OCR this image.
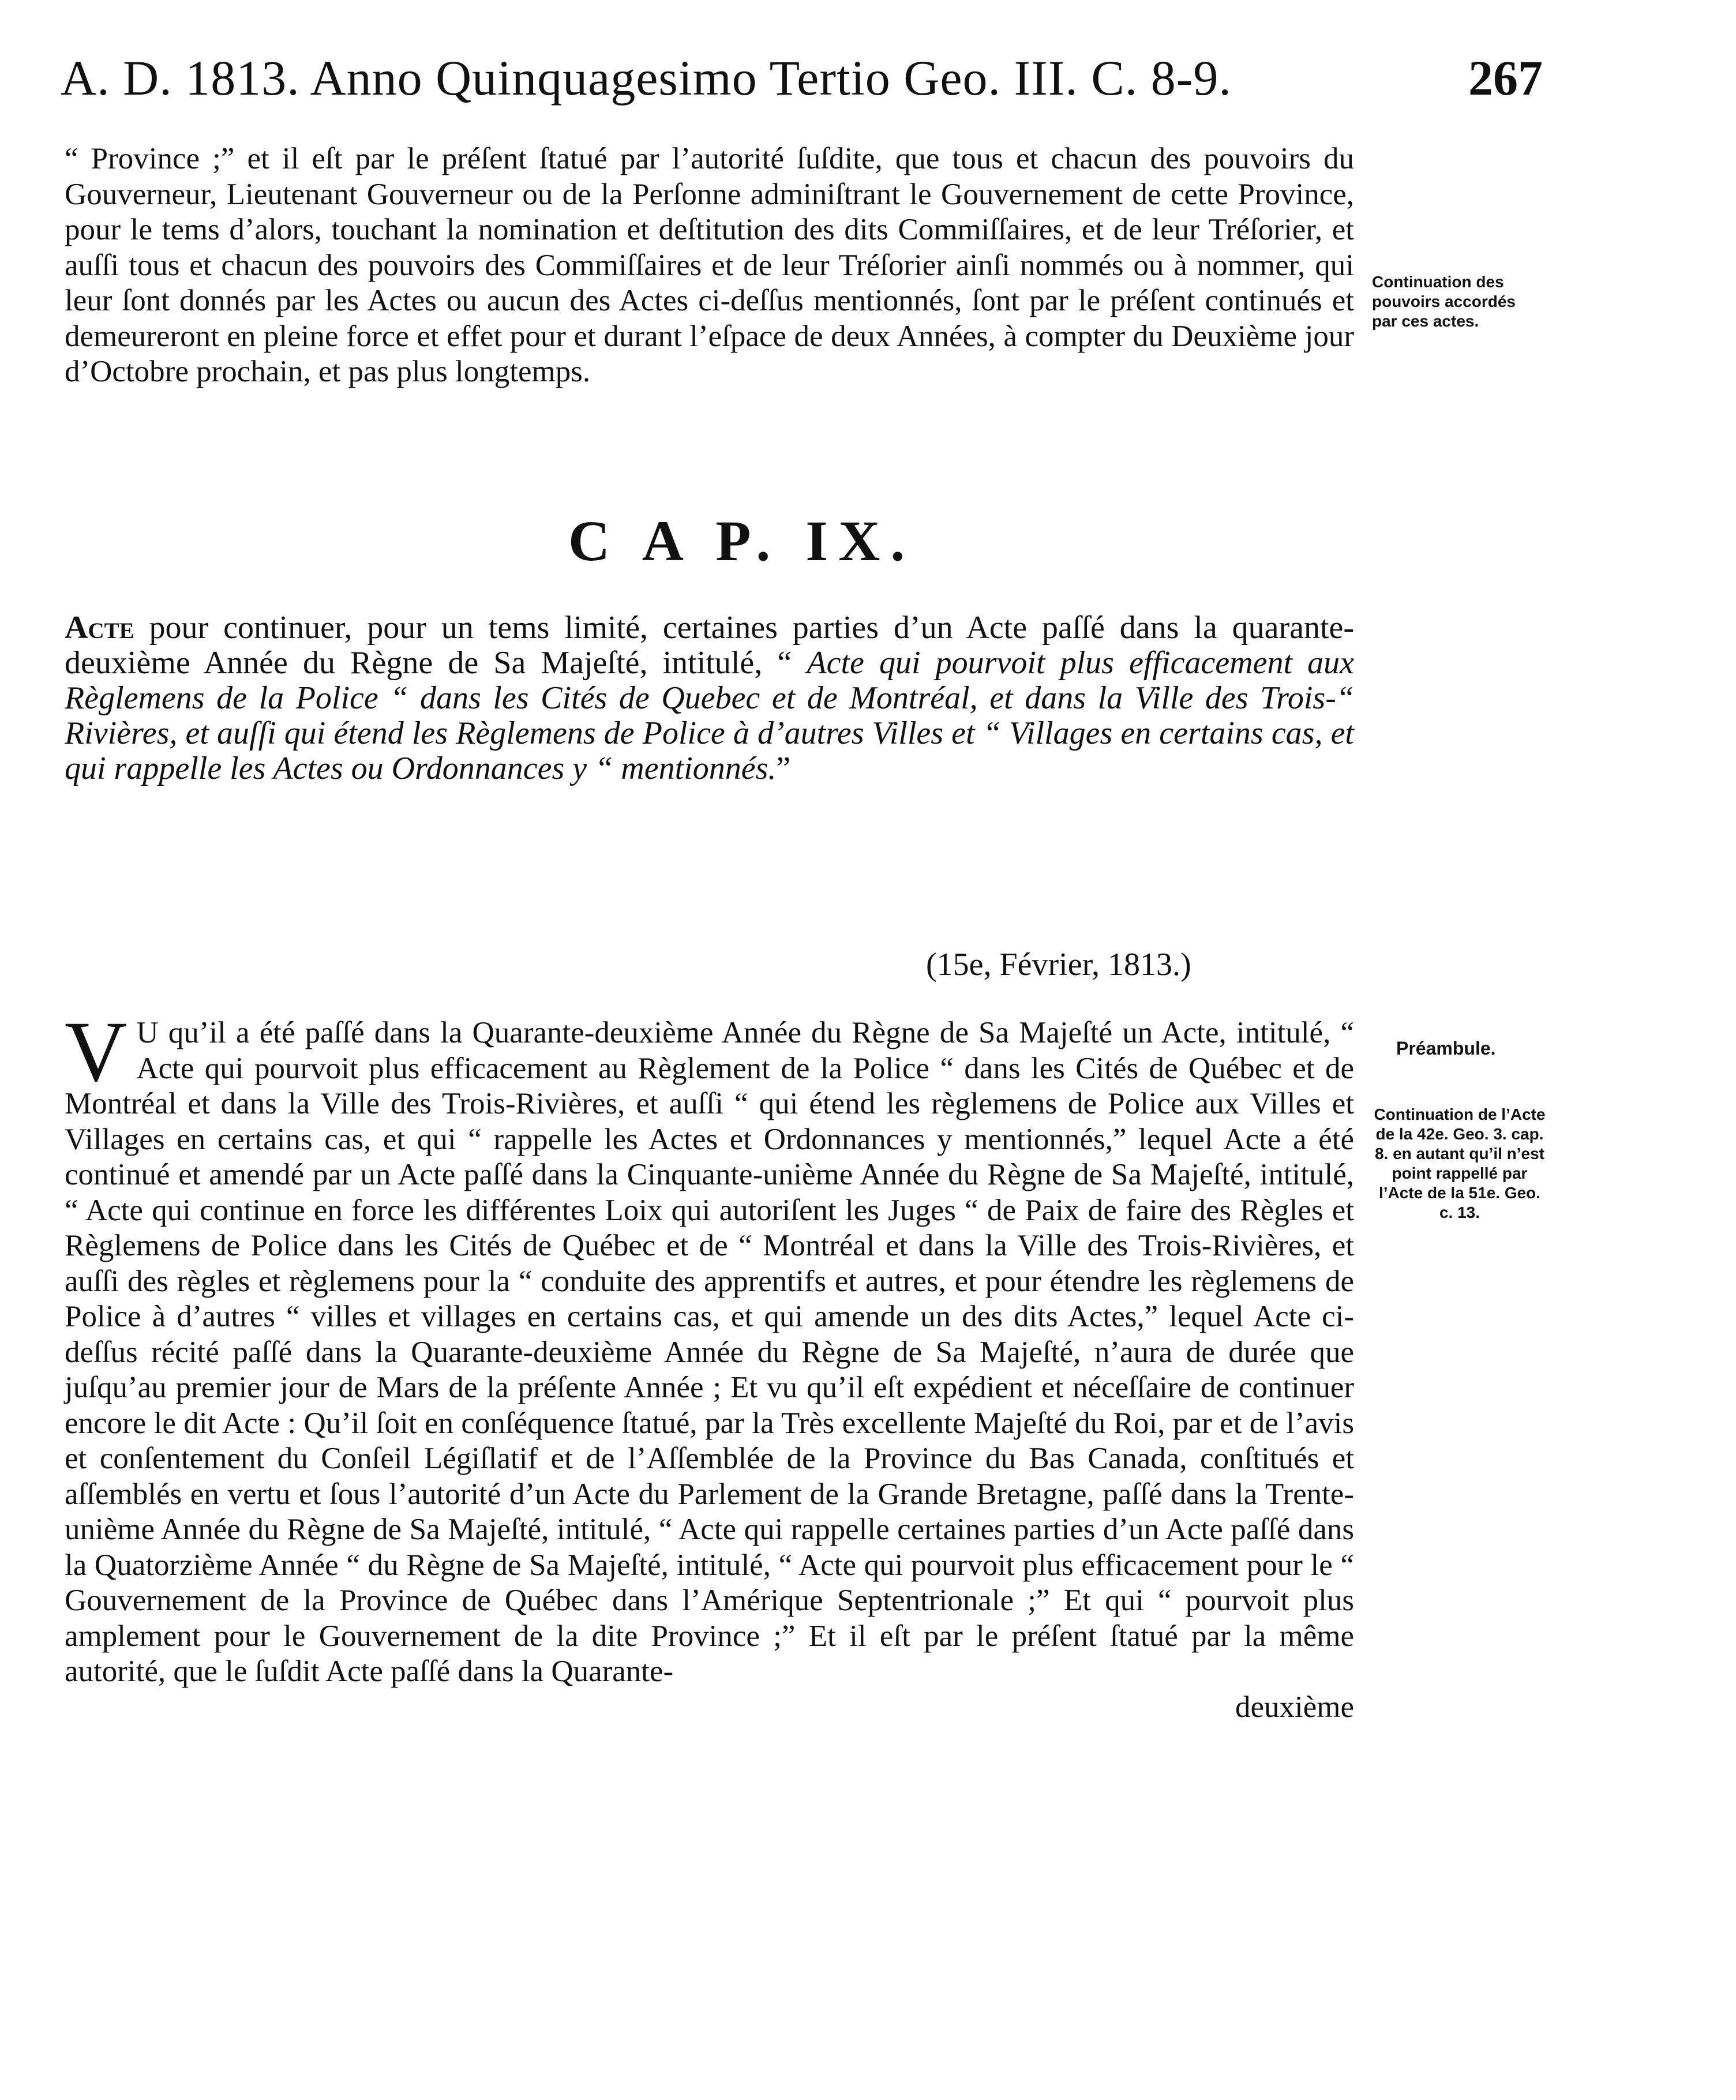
A. D. 1813. Anno Quinquagesimo Tertio Geo. III. C. 8-9.	267

“ Province ;” et il eſt par le préſent ſtatué par l’autorité ſuſdite, que tous et chacun des pouvoirs du Gouverneur, Lieutenant Gouverneur ou de la Perſonne adminiſtrant le Gouvernement de cette Province, pour le tems d’alors, touchant la nomination et deſtitution des dits Commiſſaires, et de leur Tréſorier, et auſſi tous et chacun des pouvoirs des Commiſſaires et de leur Tréſorier ainſi nommés ou à nommer, qui leur ſont donnés par les Actes ou aucun des Actes ci-deſſus mentionnés, ſont par le préſent continués et demeureront en pleine force et effet pour et durant l’eſpace de deux Années, à compter du Deuxième jour d’Octobre prochain, et pas plus longtemps.

Continuation des pouvoirs accordés par ces actes.
C A P. IX.

Acte pour continuer, pour un tems limité, certaines parties d’un Acte paſſé dans la quarante-deuxième Année du Règne de Sa Majeſté, intitulé, “ Acte qui pourvoit plus efficacement aux Règlemens de la Police “ dans les Cités de Quebec et de Montréal, et dans la Ville des Trois-“ Rivières, et auſſi qui étend les Règlemens de Police à d’autres Villes et “ Villages en certains cas, et qui rappelle les Actes ou Ordonnances y “ mentionnés.”

(15e, Février, 1813.)
V U qu’il a été paſſé dans la Quarante-deuxième Année du Règne de Sa Majeſté un Acte, intitulé, “ Acte qui pourvoit plus efficacement au Règlement de la Police “ dans les Cités de Québec et de Montréal et dans la Ville des Trois-Rivières, et auſſi “ qui étend les règlemens de Police aux Villes et Villages en certains cas, et qui “ rappelle les Actes et Ordonnances y mentionnés,” lequel Acte a été continué et amendé par un Acte paſſé dans la Cinquante-unième Année du Règne de Sa Majeſté, intitulé, “ Acte qui continue en force les différentes Loix qui autoriſent les Juges “ de Paix de faire des Règles et Règlemens de Police dans les Cités de Québec et de “ Montréal et dans la Ville des Trois-Rivières, et auſſi des règles et règlemens pour la “ conduite des apprentifs et autres, et pour étendre les règlemens de Police à d’autres “ villes et villages en certains cas, et qui amende un des dits Actes,” lequel Acte ci-deſſus récité paſſé dans la Quarante-deuxième Année du Règne de Sa Majeſté, n’aura de durée que juſqu’au premier jour de Mars de la préſente Année ; Et vu qu’il eſt expédient et néceſſaire de continuer encore le dit Acte : Qu’il ſoit en conſéquence ſtatué, par la Très excellente Majeſté du Roi, par et de l’avis et conſentement du Conſeil Légiſlatif et de l’Aſſemblée de la Province du Bas Canada, conſtitués et aſſemblés en vertu et ſous l’autorité d’un Acte du Parlement de la Grande Bretagne, paſſé dans la Trente-unième Année du Règne de Sa Majeſté, intitulé, “ Acte qui rappelle certaines parties d’un Acte paſſé dans la Quatorzième Année “ du Règne de Sa Majeſté, intitulé, “ Acte qui pourvoit plus efficacement pour le “ Gouvernement de la Province de Québec dans l’Amérique Septentrionale ;” Et qui “ pourvoit plus amplement pour le Gouvernement de la dite Province ;” Et il eſt par le préſent ſtatué par la même autorité, que le ſuſdit Acte paſſé dans la Quarante-

deuxième
Préambule.
Continuation de l’Acte de la 42e. Geo. 3. cap. 8. en autant qu’il n’est point rappellé par l’Acte de la 51e. Geo. c. 13.
